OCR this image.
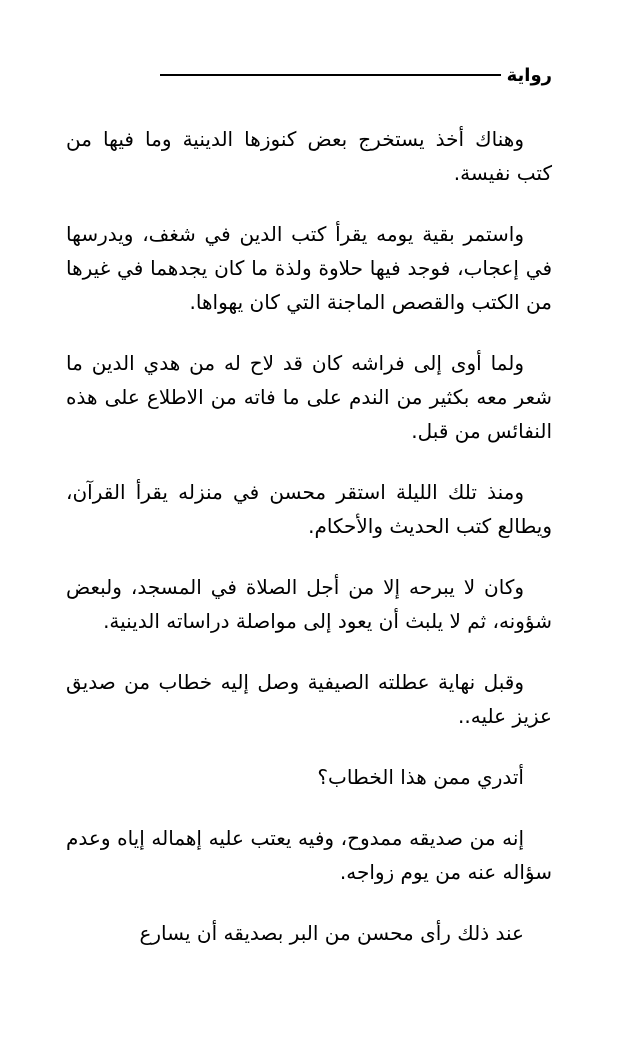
رواية

وهناك أخذ يستخرج بعض كنوزها الدينية وما فيها من كتب نفيسة.

واستمر بقية يومه يقرأ كتب الدين في شغف، ويدرسها في إعجاب، فوجد فيها حلاوة ولذة ما كان يجدهما في غيرها من الكتب والقصص الماجنة التي كان يهواها.

ولما أوى إلى فراشه كان قد لاح له من هدي الدين ما شعر معه بكثير من الندم على ما فاته من الاطلاع على هذه النفائس من قبل.

ومنذ تلك الليلة استقر محسن في منزله يقرأ القرآن، ويطالع كتب الحديث والأحكام.

وكان لا يبرحه إلا من أجل الصلاة في المسجد، ولبعض شؤونه، ثم لا يلبث أن يعود إلى مواصلة دراساته الدينية.

وقبل نهاية عطلته الصيفية وصل إليه خطاب من صديق عزيز عليه..

أتدري ممن هذا الخطاب؟

إنه من صديقه ممدوح، وفيه يعتب عليه إهماله إياه وعدم سؤاله عنه من يوم زواجه.

عند ذلك رأى محسن من البر بصديقه أن يسارع
